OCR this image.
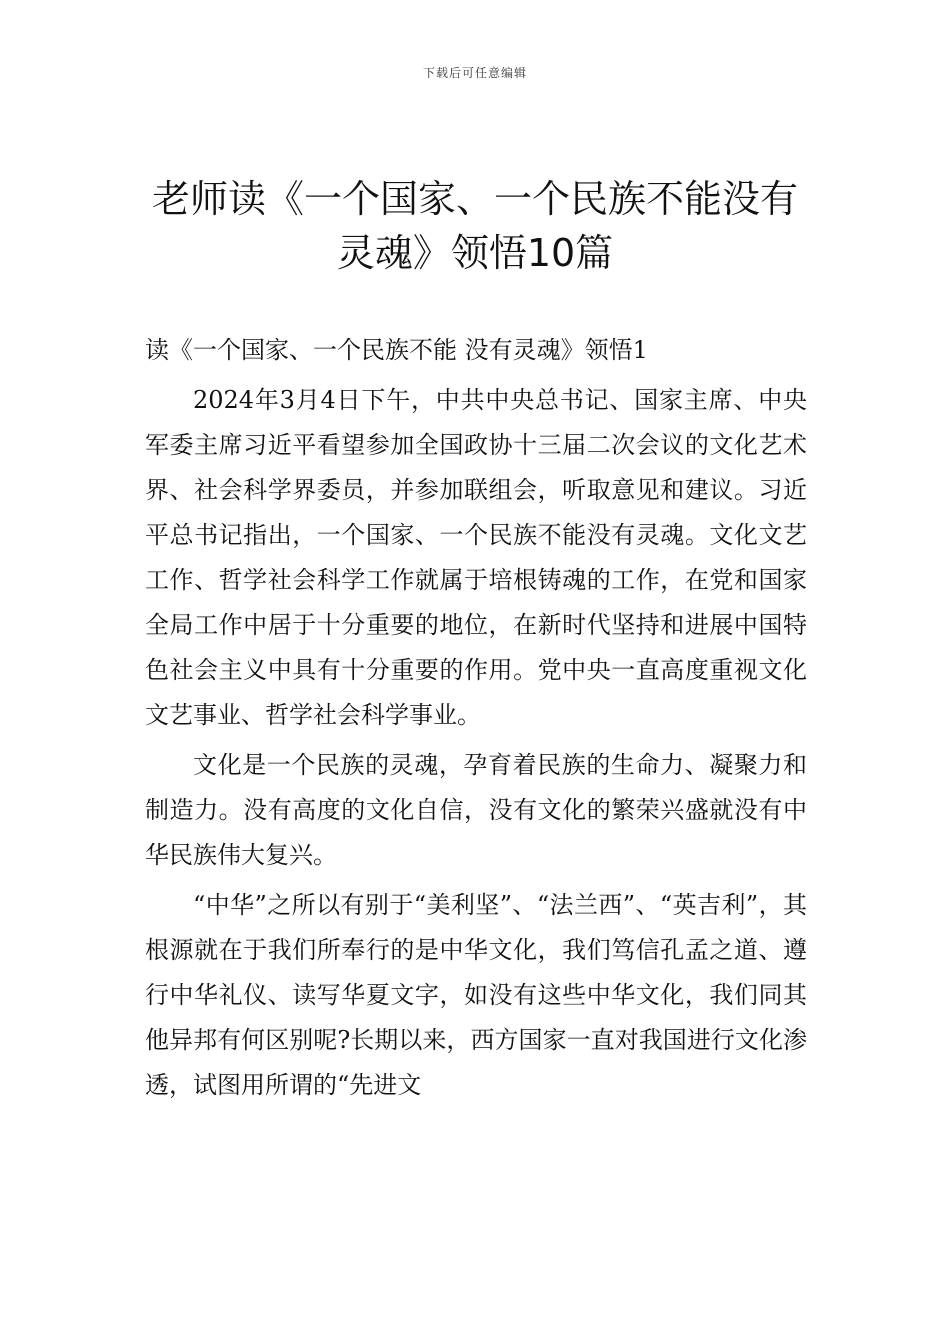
下载后可任意编辑
老师读《一个国家、一个民族不能没有灵魂》领悟10篇

读《一个国家、一个民族不能 没有灵魂》领悟1

2024年3月4日下午，中共中央总书记、国家主席、中央军委主席习近平看望参加全国政协十三届二次会议的文化艺术界、社会科学界委员，并参加联组会，听取意见和建议。习近平总书记指出，一个国家、一个民族不能没有灵魂。文化文艺工作、哲学社会科学工作就属于培根铸魂的工作，在党和国家全局工作中居于十分重要的地位，在新时代坚持和进展中国特色社会主义中具有十分重要的作用。党中央一直高度重视文化文艺事业、哲学社会科学事业。

文化是一个民族的灵魂，孕育着民族的生命力、凝聚力和制造力。没有高度的文化自信，没有文化的繁荣兴盛就没有中华民族伟大复兴。

“中华”之所以有别于“美利坚”、“法兰西”、“英吉利”，其根源就在于我们所奉行的是中华文化，我们笃信孔孟之道、遵行中华礼仪、读写华夏文字，如没有这些中华文化，我们同其他异邦有何区别呢?长期以来，西方国家一直对我国进行文化渗透，试图用所谓的“先进文
